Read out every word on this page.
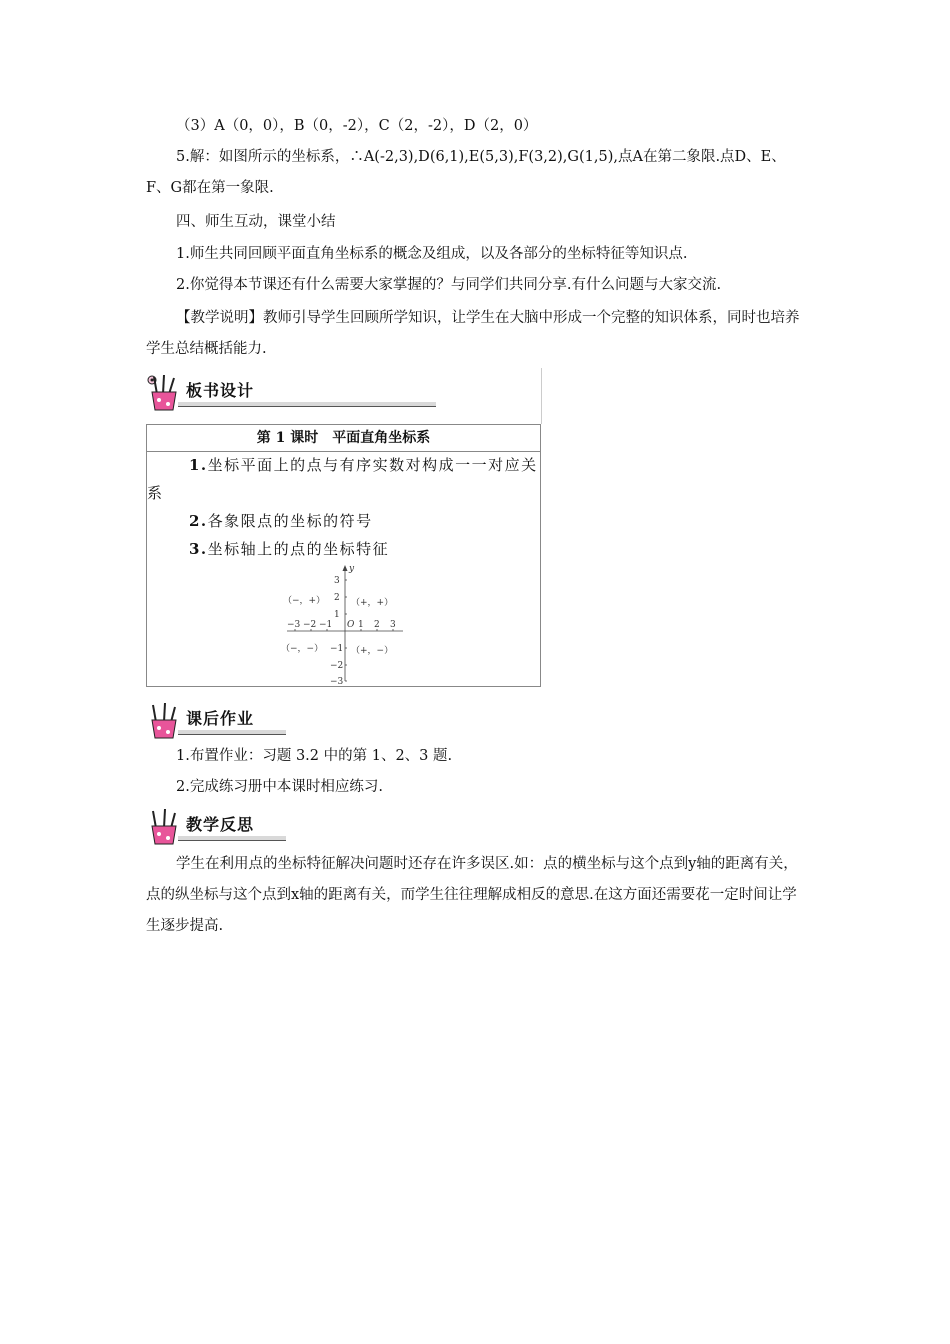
（3）A（0，0），B（0，-2），C（2，-2），D（2，0）
5.解：如图所示的坐标系，∴A(-2,3),D(6,1),E(5,3),F(3,2),G(1,5),点A在第二象限.点D、E、F、G都在第一象限.
四、师生互动，课堂小结
1.师生共同回顾平面直角坐标系的概念及组成，以及各部分的坐标特征等知识点.
2.你觉得本节课还有什么需要大家掌握的？与同学们共同分享.有什么问题与大家交流.
【教学说明】教师引导学生回顾所学知识，让学生在大脑中形成一个完整的知识体系，同时也培养学生总结概括能力.
板书设计
第 1 课时　平面直角坐标系
1.坐标平面上的点与有序实数对构成一一对应关系
2.各象限点的坐标的符号
3.坐标轴上的点的坐标特征
y
O
−3 −2 −1	1 2 3
3
2
1
−1
−2
−3
（−，+）	（+，+）
（−，−）	（+，−）
课后作业
1.布置作业：习题 3.2 中的第 1、2、3 题.
2.完成练习册中本课时相应练习.
教学反思
学生在利用点的坐标特征解决问题时还存在许多误区.如：点的横坐标与这个点到y轴的距离有关，点的纵坐标与这个点到x轴的距离有关，而学生往往理解成相反的意思.在这方面还需要花一定时间让学生逐步提高.
